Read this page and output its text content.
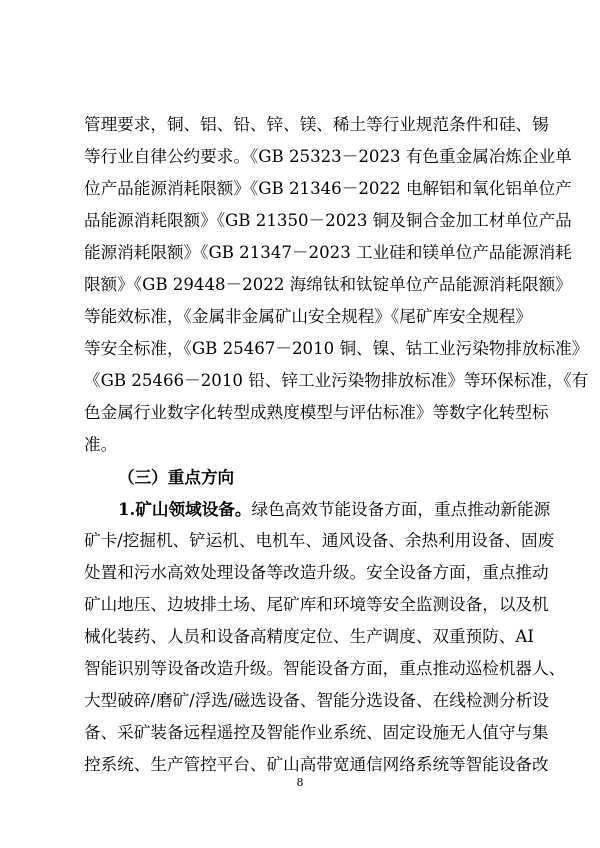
管理要求，铜、铝、铅、锌、镁、稀土等行业规范条件和硅、锡
等行业自律公约要求。《GB 25323－2023 有色重金属冶炼企业单
位产品能源消耗限额》《GB 21346－2022 电解铝和氧化铝单位产
品能源消耗限额》《GB 21350－2023 铜及铜合金加工材单位产品
能源消耗限额》《GB 21347－2023 工业硅和镁单位产品能源消耗
限额》《GB 29448－2022 海绵钛和钛锭单位产品能源消耗限额》
等能效标准，《金属非金属矿山安全规程》《尾矿库安全规程》
等安全标准，《GB 25467－2010 铜、镍、钴工业污染物排放标准》
《GB 25466－2010 铅、锌工业污染物排放标准》等环保标准，《有
色金属行业数字化转型成熟度模型与评估标准》等数字化转型标
准。
（三）重点方向
1.矿山领域设备。绿色高效节能设备方面，重点推动新能源
矿卡/挖掘机、铲运机、电机车、通风设备、余热利用设备、固废
处置和污水高效处理设备等改造升级。安全设备方面，重点推动
矿山地压、边坡排土场、尾矿库和环境等安全监测设备，以及机
械化装药、人员和设备高精度定位、生产调度、双重预防、AI
智能识别等设备改造升级。智能设备方面，重点推动巡检机器人、
大型破碎/磨矿/浮选/磁选设备、智能分选设备、在线检测分析设
备、采矿装备远程遥控及智能作业系统、固定设施无人值守与集
控系统、生产管控平台、矿山高带宽通信网络系统等智能设备改
8
